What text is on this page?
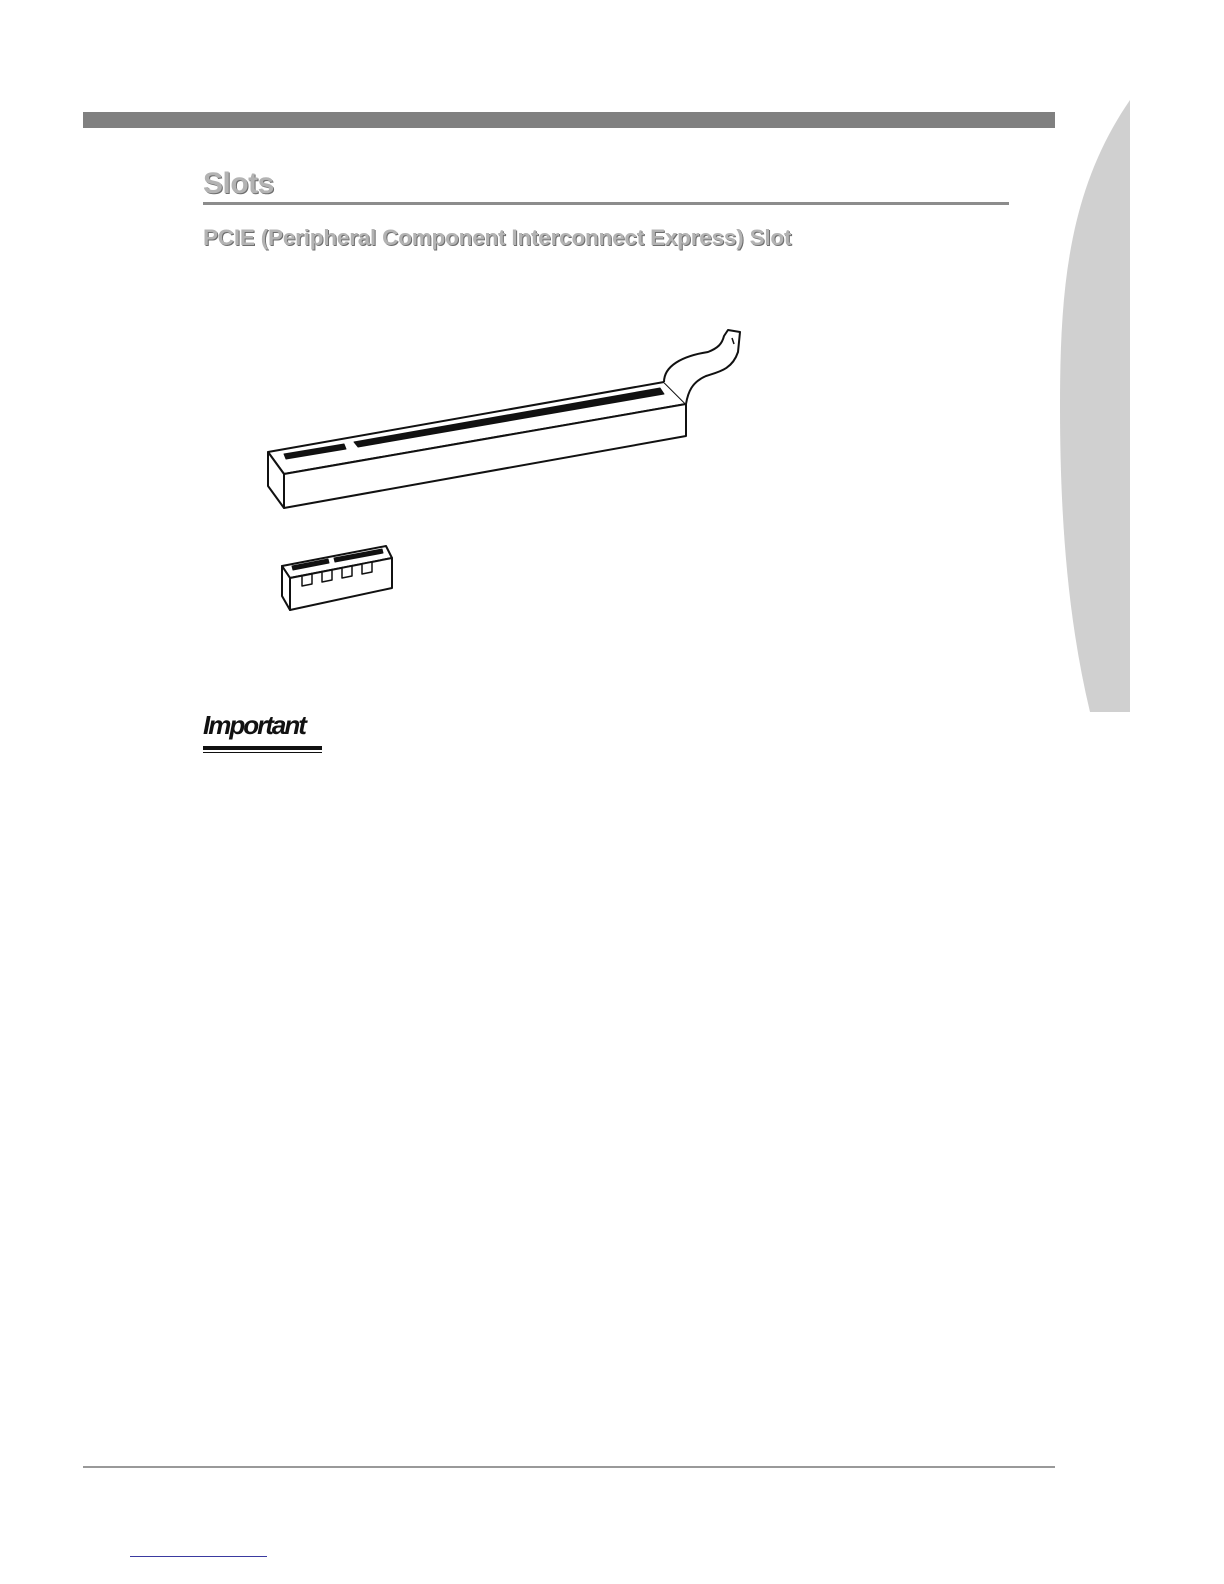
Slots
PCIE (Peripheral Component Interconnect Express) Slot
Important
